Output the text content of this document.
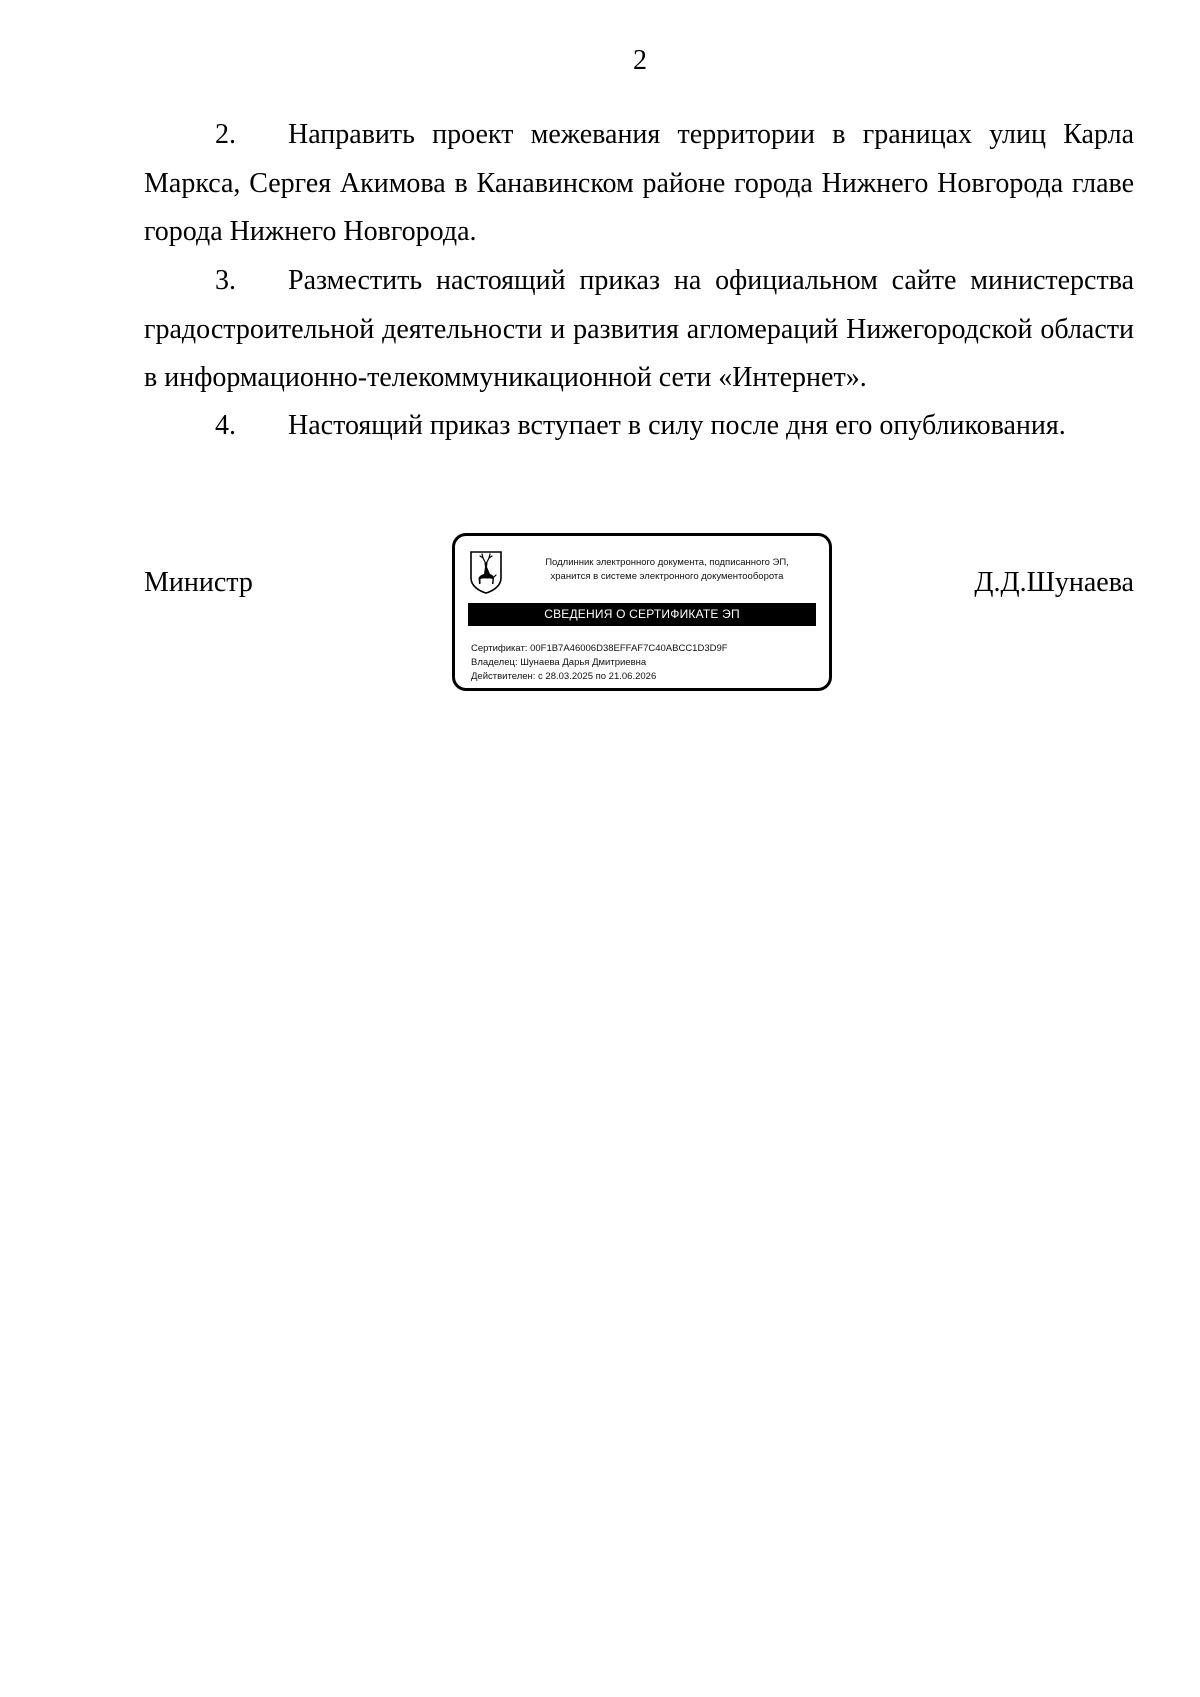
2

2. Направить проект межевания территории в границах улиц Карла Маркса, Сергея Акимова в Канавинском районе города Нижнего Новгорода главе города Нижнего Новгорода.

3. Разместить настоящий приказ на официальном сайте министерства градостроительной деятельности и развития агломераций Нижегородской области в информационно-телекоммуникационной сети «Интернет».

4. Настоящий приказ вступает в силу после дня его опубликования.

Министр
Подлинник электронного документа, подписанного ЭП,
хранится в системе электронного документооборота
СВЕДЕНИЯ О СЕРТИФИКАТЕ ЭП
Сертификат: 00F1B7A46006D38EFFAF7C40ABCC1D3D9F
Владелец: Шунаева Дарья Дмитриевна
Действителен: с 28.03.2025 по 21.06.2026
Д.Д.Шунаева
